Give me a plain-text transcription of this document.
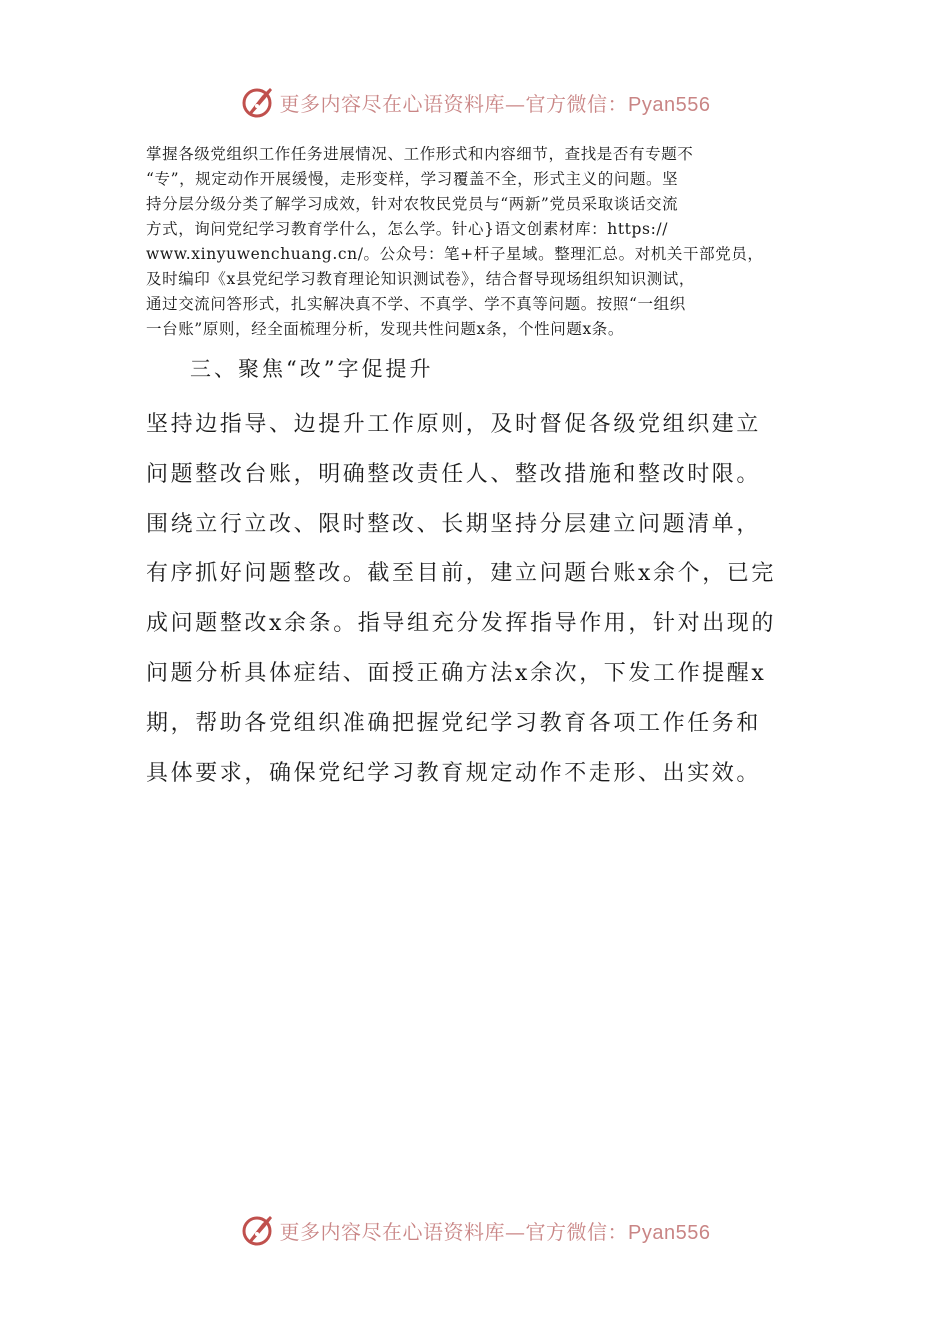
更多内容尽在心语资料库—官方微信：Pyan556
掌握各级党组织工作任务进展情况、工作形式和内容细节，查找是否有专题不
“专”，规定动作开展缓慢，走形变样，学习覆盖不全，形式主义的问题。坚
持分层分级分类了解学习成效，针对农牧民党员与“两新”党员采取谈话交流
方式，询问党纪学习教育学什么，怎么学。针心}语文创素材库：https://
www.xinyuwenchuang.cn/。公众号：笔+杆子星域。整理汇总。对机关干部党员，
及时编印《x县党纪学习教育理论知识测试卷》，结合督导现场组织知识测试，
通过交流问答形式，扎实解决真不学、不真学、学不真等问题。按照“一组织
一台账”原则，经全面梳理分析，发现共性问题x条，个性问题x条。
三、聚焦“改”字促提升
坚持边指导、边提升工作原则，及时督促各级党组织建立
问题整改台账，明确整改责任人、整改措施和整改时限。
围绕立行立改、限时整改、长期坚持分层建立问题清单，
有序抓好问题整改。截至目前，建立问题台账x余个，已完
成问题整改x余条。指导组充分发挥指导作用，针对出现的
问题分析具体症结、面授正确方法x余次，下发工作提醒x
期，帮助各党组织准确把握党纪学习教育各项工作任务和
具体要求，确保党纪学习教育规定动作不走形、出实效。
更多内容尽在心语资料库—官方微信：Pyan556
